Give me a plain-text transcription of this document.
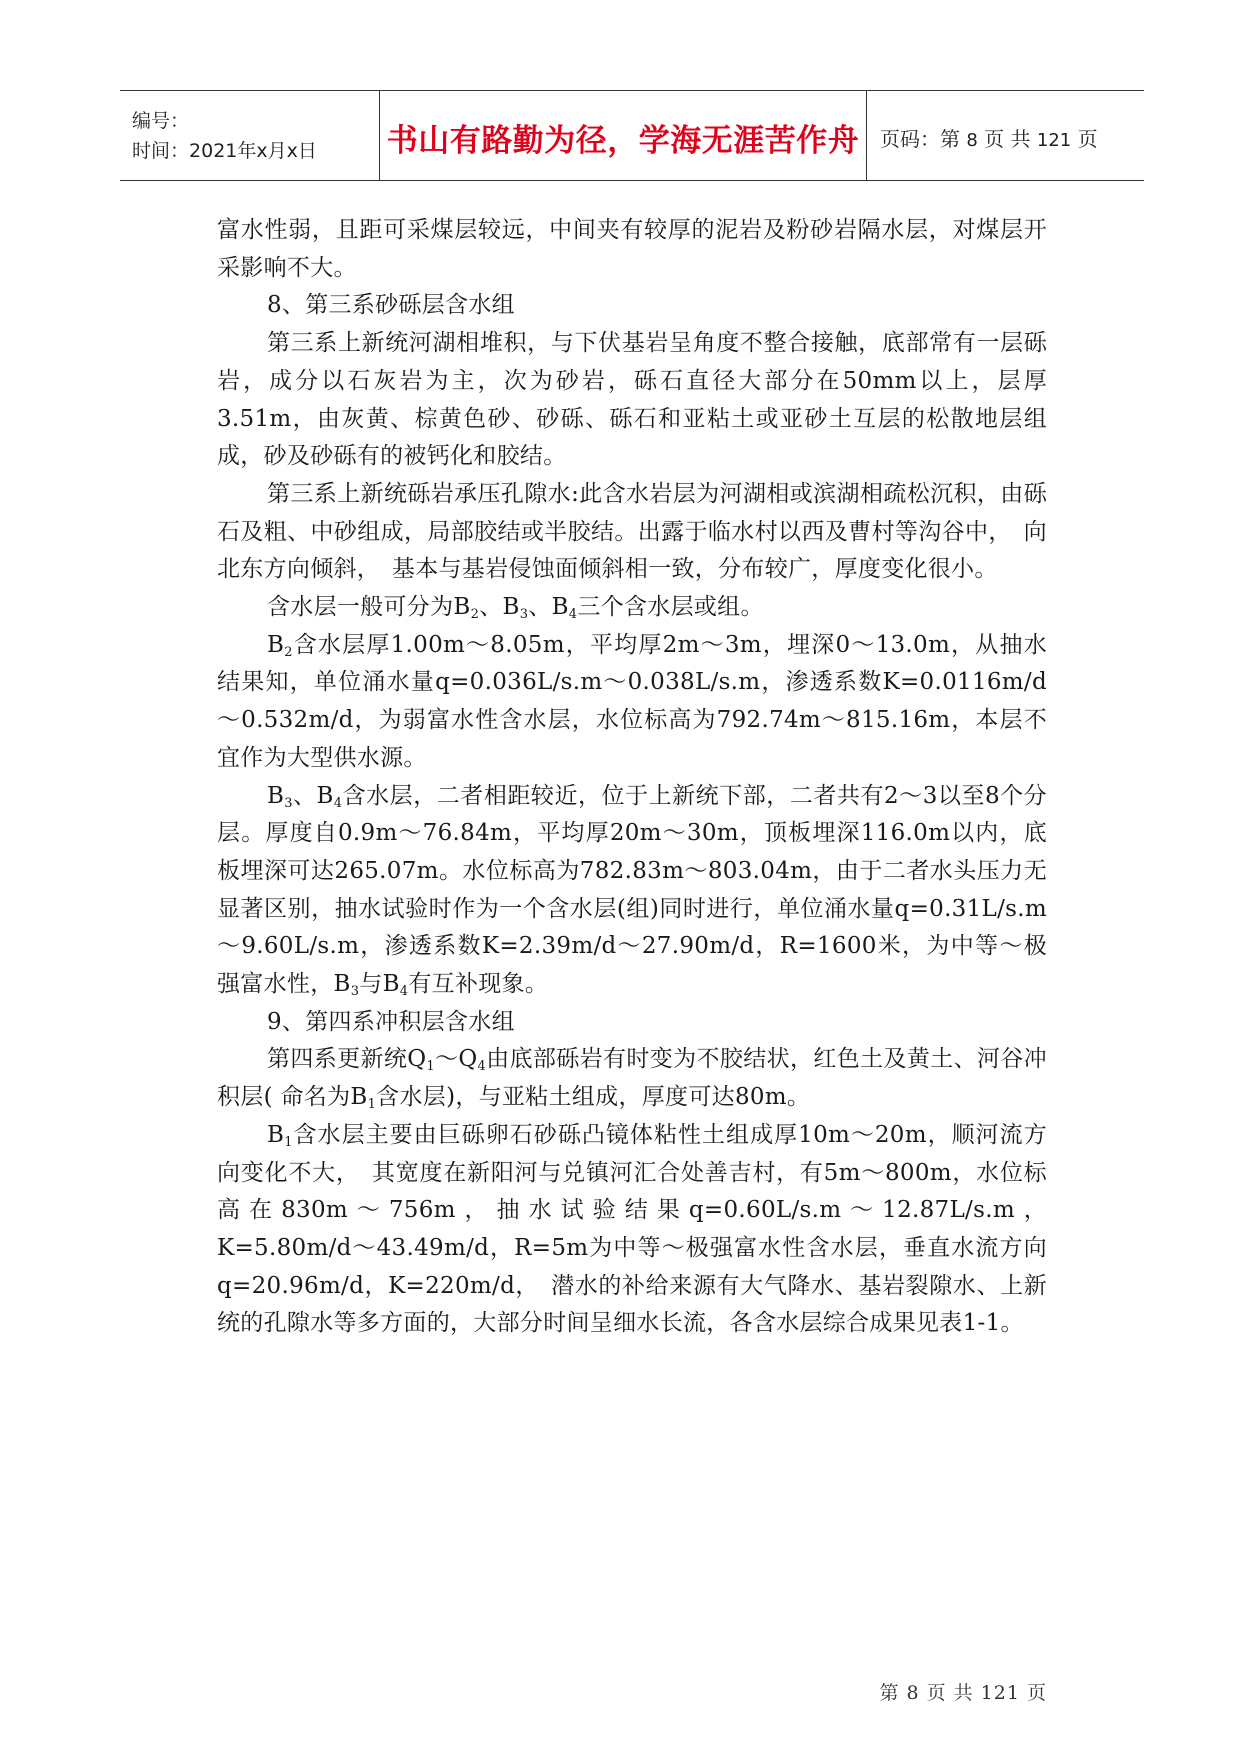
编号：
时间：2021年x月x日	书山有路勤为径，学海无涯苦作舟 页码：第 8 页 共 121 页

富水性弱，且距可采煤层较远，中间夹有较厚的泥岩及粉砂岩隔水层，对煤层开采影响不大。

8、第三系砂砾层含水组

第三系上新统河湖相堆积，与下伏基岩呈角度不整合接触，底部常有一层砾岩，成分以石灰岩为主，次为砂岩，砾石直径大部分在50mm以上，层厚3.51m，由灰黄、棕黄色砂、砂砾、砾石和亚粘土或亚砂土互层的松散地层组成，砂及砂砾有的被钙化和胶结。

第三系上新统砾岩承压孔隙水:此含水岩层为河湖相或滨湖相疏松沉积，由砾石及粗、中砂组成，局部胶结或半胶结。出露于临水村以西及曹村等沟谷中，　向北东方向倾斜，　基本与基岩侵蚀面倾斜相一致，分布较广，厚度变化很小。

含水层一般可分为$B_2$、$B_3$、$B_4$三个含水层或组。

$B_2$含水层厚1.00m～8.05m，平均厚2m～3m，埋深0～13.0m，从抽水结果知，单位涌水量q=0.036L/s.m～0.038L/s.m，渗透系数K=0.0116m/d～0.532m/d，为弱富水性含水层，水位标高为792.74m～815.16m，本层不宜作为大型供水源。

$B_3$、$B_4$含水层，二者相距较近，位于上新统下部，二者共有2～3以至8个分层。厚度自0.9m～76.84m，平均厚20m～30m，顶板埋深116.0m以内，底板埋深可达265.07m。水位标高为782.83m～803.04m，由于二者水头压力无显著区别，抽水试验时作为一个含水层(组)同时进行，单位涌水量q=0.31L/s.m～9.60L/s.m，渗透系数K=2.39m/d～27.90m/d，R=1600米，为中等～极强富水性，$B_3$与$B_4$有互补现象。

9、第四系冲积层含水组

第四系更新统$Q_1\sim Q_4$由底部砾岩有时变为不胶结状，红色土及黄土、河谷冲积层( 命名为$B_1$含水层)，与亚粘土组成，厚度可达80m。

$B_1$含水层主要由巨砾卵石砂砾凸镜体粘性土组成厚10m～20m，顺河流方向变化不大，　其宽度在新阳河与兑镇河汇合处善吉村，有5m～800m，水位标高在830m～756m，抽水试验结果q=0.60L/s.m～12.87L/s.m，K=5.80m/d～43.49m/d，R=5m为中等～极强富水性含水层，垂直水流方向q=20.96m/d，K=220m/d，　潜水的补给来源有大气降水、基岩裂隙水、上新统的孔隙水等多方面的，大部分时间呈细水长流，各含水层综合成果见表1-1。

第 8 页 共 121 页
